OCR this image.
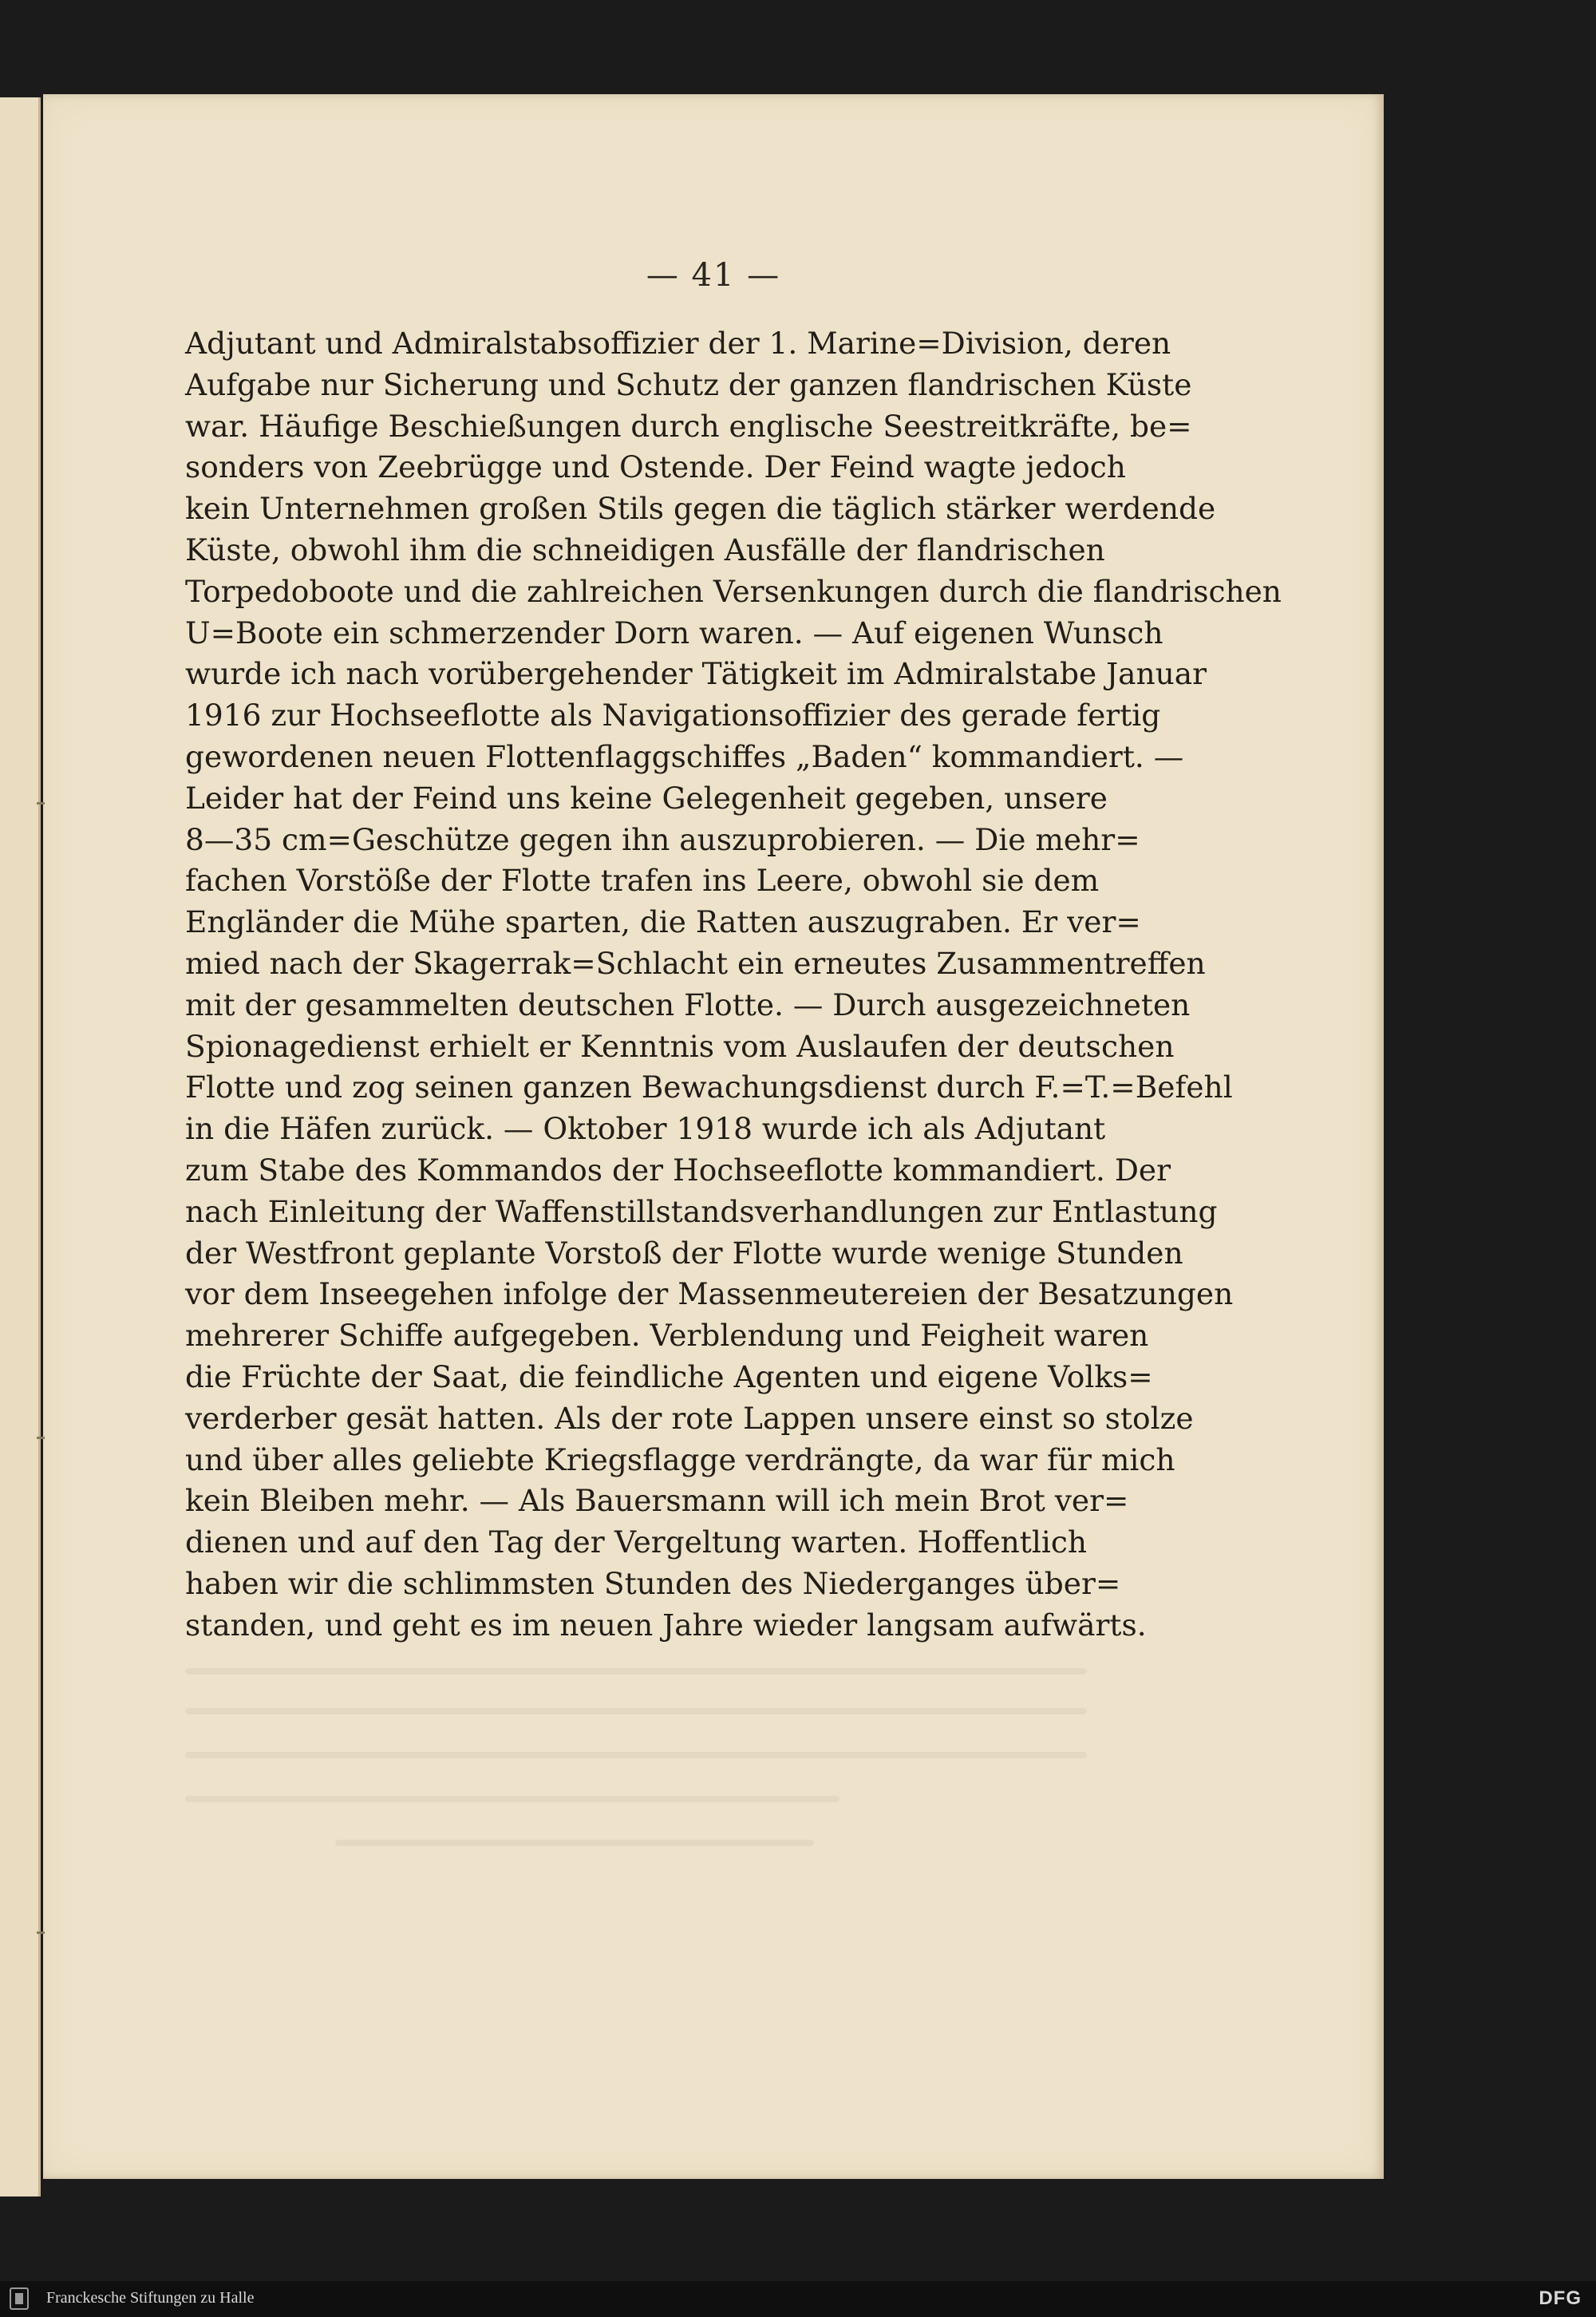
— 41 —
Adjutant und Admiralstabsoffizier der 1. Marine=Division, deren
Aufgabe nur Sicherung und Schutz der ganzen flandrischen Küste
war. Häufige Beschießungen durch englische Seestreitkräfte, be=
sonders von Zeebrügge und Ostende. Der Feind wagte jedoch
kein Unternehmen großen Stils gegen die täglich stärker werdende
Küste, obwohl ihm die schneidigen Ausfälle der flandrischen
Torpedoboote und die zahlreichen Versenkungen durch die flandrischen
U=Boote ein schmerzender Dorn waren. — Auf eigenen Wunsch
wurde ich nach vorübergehender Tätigkeit im Admiralstabe Januar
1916 zur Hochseeflotte als Navigationsoffizier des gerade fertig
gewordenen neuen Flottenflaggschiffes „Baden“ kommandiert. —
Leider hat der Feind uns keine Gelegenheit gegeben, unsere
8—35 cm=Geschütze gegen ihn auszuprobieren. — Die mehr=
fachen Vorstöße der Flotte trafen ins Leere, obwohl sie dem
Engländer die Mühe sparten, die Ratten auszugraben. Er ver=
mied nach der Skagerrak=Schlacht ein erneutes Zusammentreffen
mit der gesammelten deutschen Flotte. — Durch ausgezeichneten
Spionagedienst erhielt er Kenntnis vom Auslaufen der deutschen
Flotte und zog seinen ganzen Bewachungsdienst durch F.=T.=Befehl
in die Häfen zurück. — Oktober 1918 wurde ich als Adjutant
zum Stabe des Kommandos der Hochseeflotte kommandiert. Der
nach Einleitung der Waffenstillstandsverhandlungen zur Entlastung
der Westfront geplante Vorstoß der Flotte wurde wenige Stunden
vor dem Inseegehen infolge der Massenmeutereien der Besatzungen
mehrerer Schiffe aufgegeben. Verblendung und Feigheit waren
die Früchte der Saat, die feindliche Agenten und eigene Volks=
verderber gesät hatten. Als der rote Lappen unsere einst so stolze
und über alles geliebte Kriegsflagge verdrängte, da war für mich
kein Bleiben mehr. — Als Bauersmann will ich mein Brot ver=
dienen und auf den Tag der Vergeltung warten. Hoffentlich
haben wir die schlimmsten Stunden des Niederganges über=
standen, und geht es im neuen Jahre wieder langsam aufwärts.
Franckesche Stiftungen zu Halle	DFG
